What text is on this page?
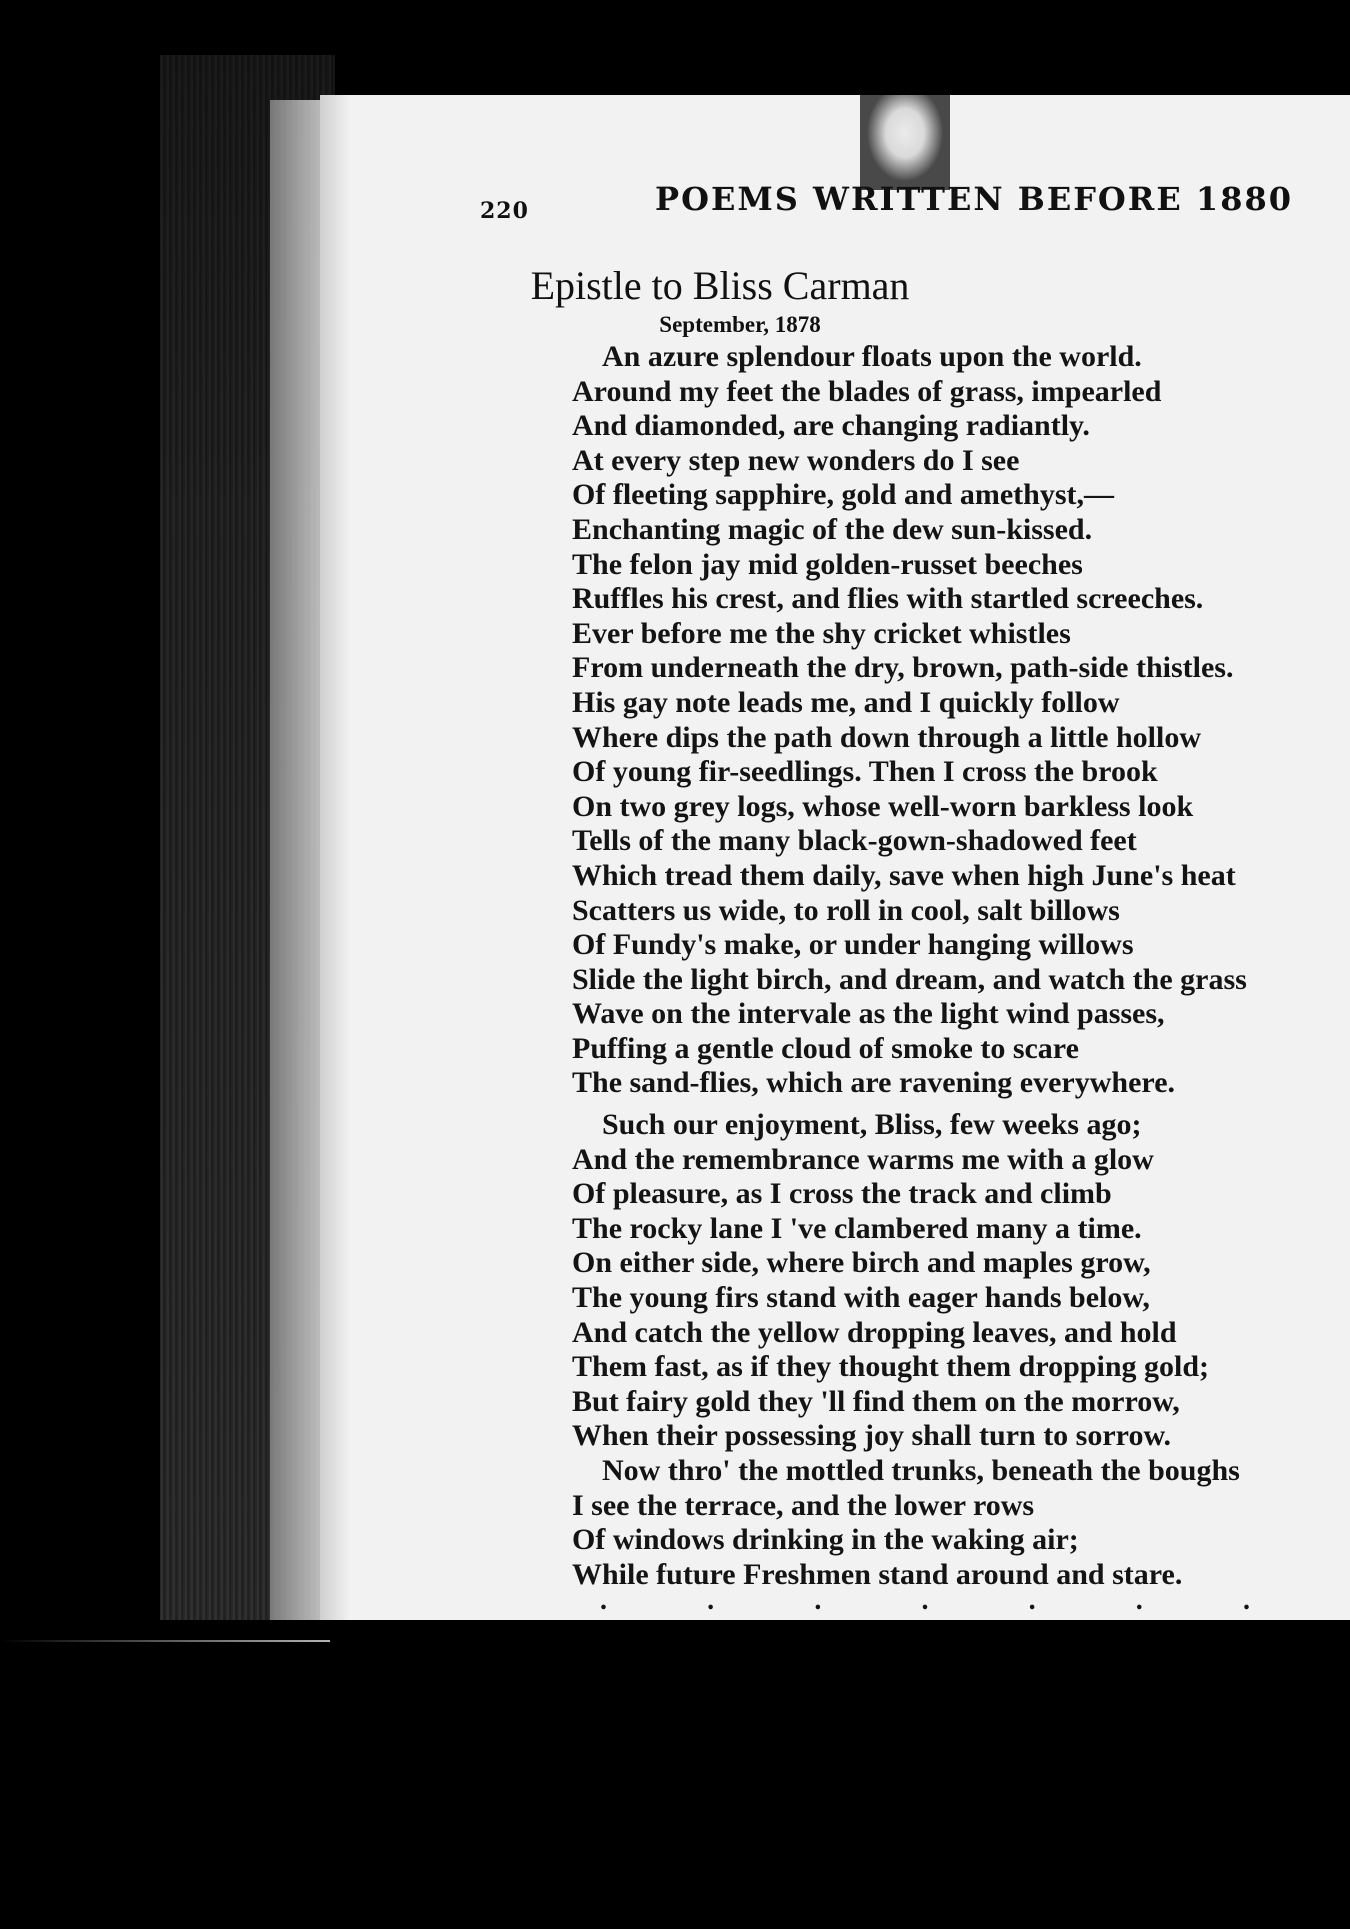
220	POEMS WRITTEN BEFORE 1880
Epistle to Bliss Carman
September, 1878
An azure splendour floats upon the world.
Around my feet the blades of grass, impearled
And diamonded, are changing radiantly.
At every step new wonders do I see
Of fleeting sapphire, gold and amethyst,—
Enchanting magic of the dew sun-kissed.
The felon jay mid golden-russet beeches
Ruffles his crest, and flies with startled screeches.
Ever before me the shy cricket whistles
From underneath the dry, brown, path-side thistles.
His gay note leads me, and I quickly follow
Where dips the path down through a little hollow
Of young fir-seedlings. Then I cross the brook
On two grey logs, whose well-worn barkless look
Tells of the many black-gown-shadowed feet
Which tread them daily, save when high June's heat
Scatters us wide, to roll in cool, salt billows
Of Fundy's make, or under hanging willows
Slide the light birch, and dream, and watch the grass
Wave on the intervale as the light wind passes,
Puffing a gentle cloud of smoke to scare
The sand-flies, which are ravening everywhere.
Such our enjoyment, Bliss, few weeks ago;
And the remembrance warms me with a glow
Of pleasure, as I cross the track and climb
The rocky lane I 've clambered many a time.
On either side, where birch and maples grow,
The young firs stand with eager hands below,
And catch the yellow dropping leaves, and hold
Them fast, as if they thought them dropping gold;
But fairy gold they 'll find them on the morrow,
When their possessing joy shall turn to sorrow.
Now thro' the mottled trunks, beneath the boughs
I see the terrace, and the lower rows
Of windows drinking in the waking air;
While future Freshmen stand around and stare.
.	.	.	.	.	.	.
